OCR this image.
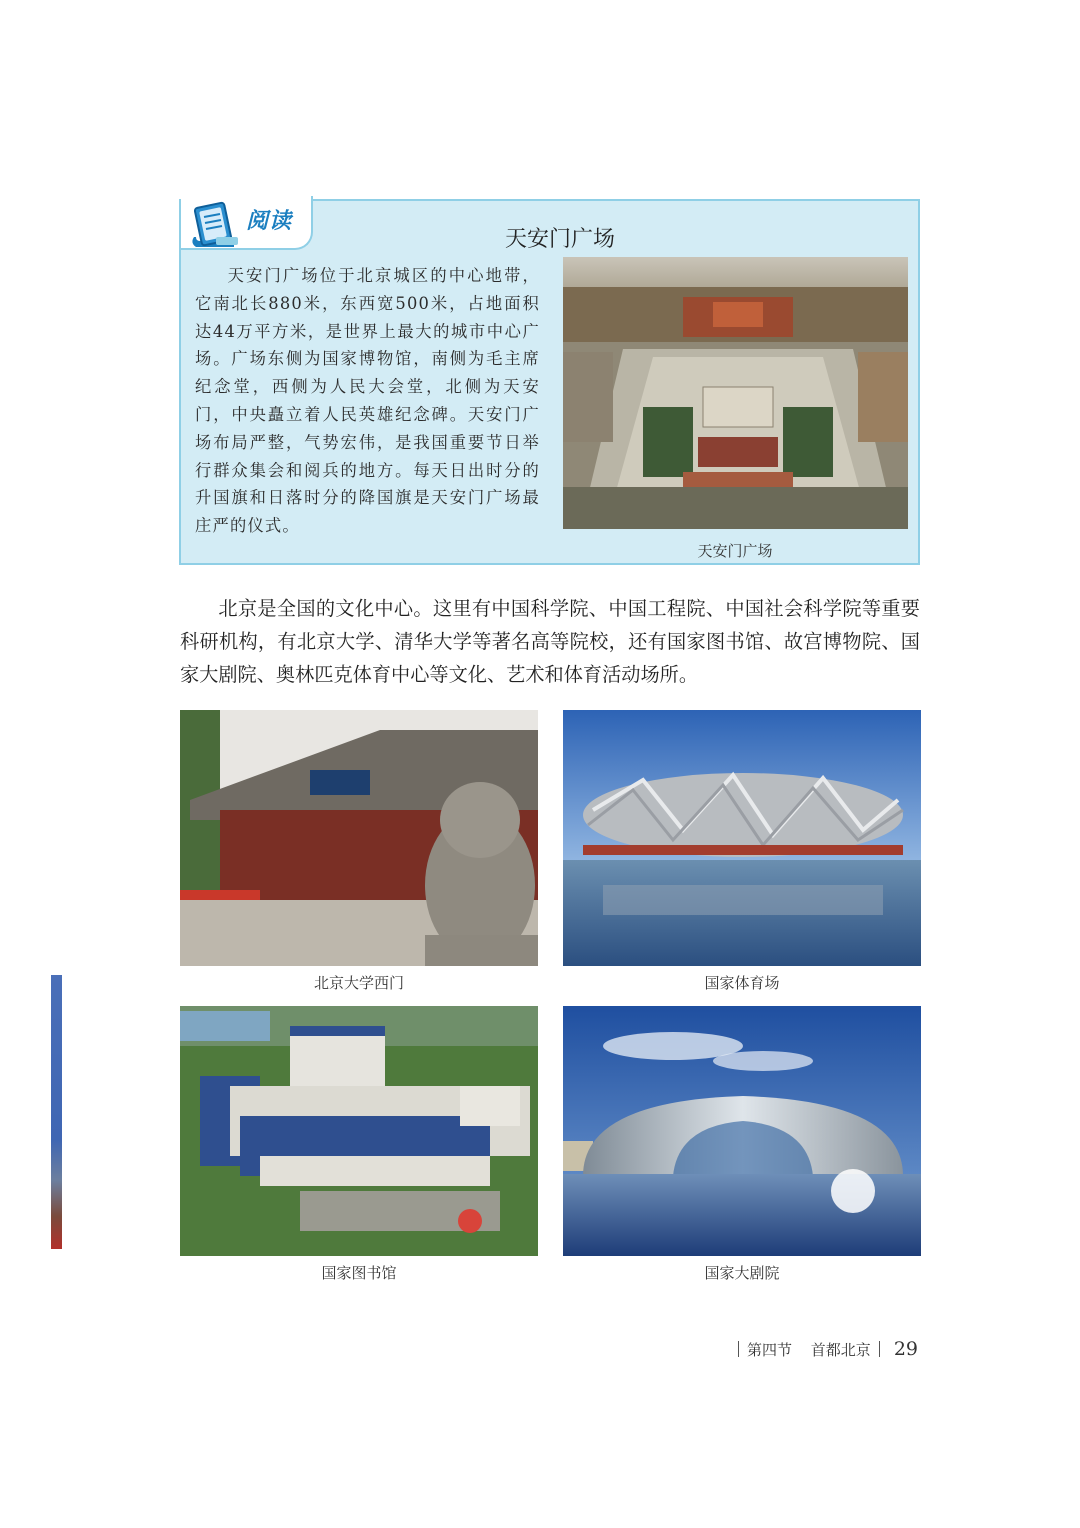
阅读
天安门广场
天安门广场位于北京城区的中心地带，它南北长880米，东西宽500米，占地面积达44万平方米，是世界上最大的城市中心广场。广场东侧为国家博物馆，南侧为毛主席纪念堂，西侧为人民大会堂，北侧为天安门，中央矗立着人民英雄纪念碑。天安门广场布局严整，气势宏伟，是我国重要节日举行群众集会和阅兵的地方。每天日出时分的升国旗和日落时分的降国旗是天安门广场最庄严的仪式。
天安门广场
北京是全国的文化中心。这里有中国科学院、中国工程院、中国社会科学院等重要科研机构，有北京大学、清华大学等著名高等院校，还有国家图书馆、故宫博物院、国家大剧院、奥林匹克体育中心等文化、艺术和体育活动场所。
北京大学西门	国家体育场
国家图书馆	国家大剧院
第四节 首都北京 29
